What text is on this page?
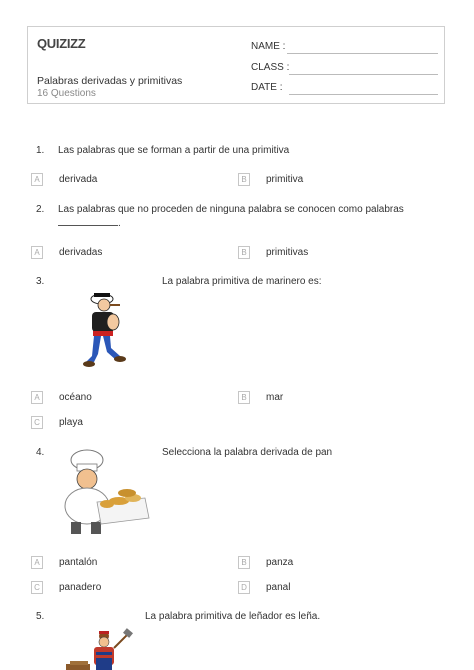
QUIZIZZ
Palabras derivadas y primitivas
16 Questions
NAME :
CLASS :
DATE :
1. Las palabras que se forman a partir de una primitiva
A	derivada	B	primitiva
2. Las palabras que no proceden de ninguna palabra se conocen como palabras
.
A	derivadas	B	primitivas
3.	La palabra primitiva de marinero es:
A	océano	B	mar
C	playa
4.	Selecciona la palabra derivada de pan
A	pantalón	B	panza
C	panadero	D	panal
5.	La palabra primitiva de leñador es leña.
